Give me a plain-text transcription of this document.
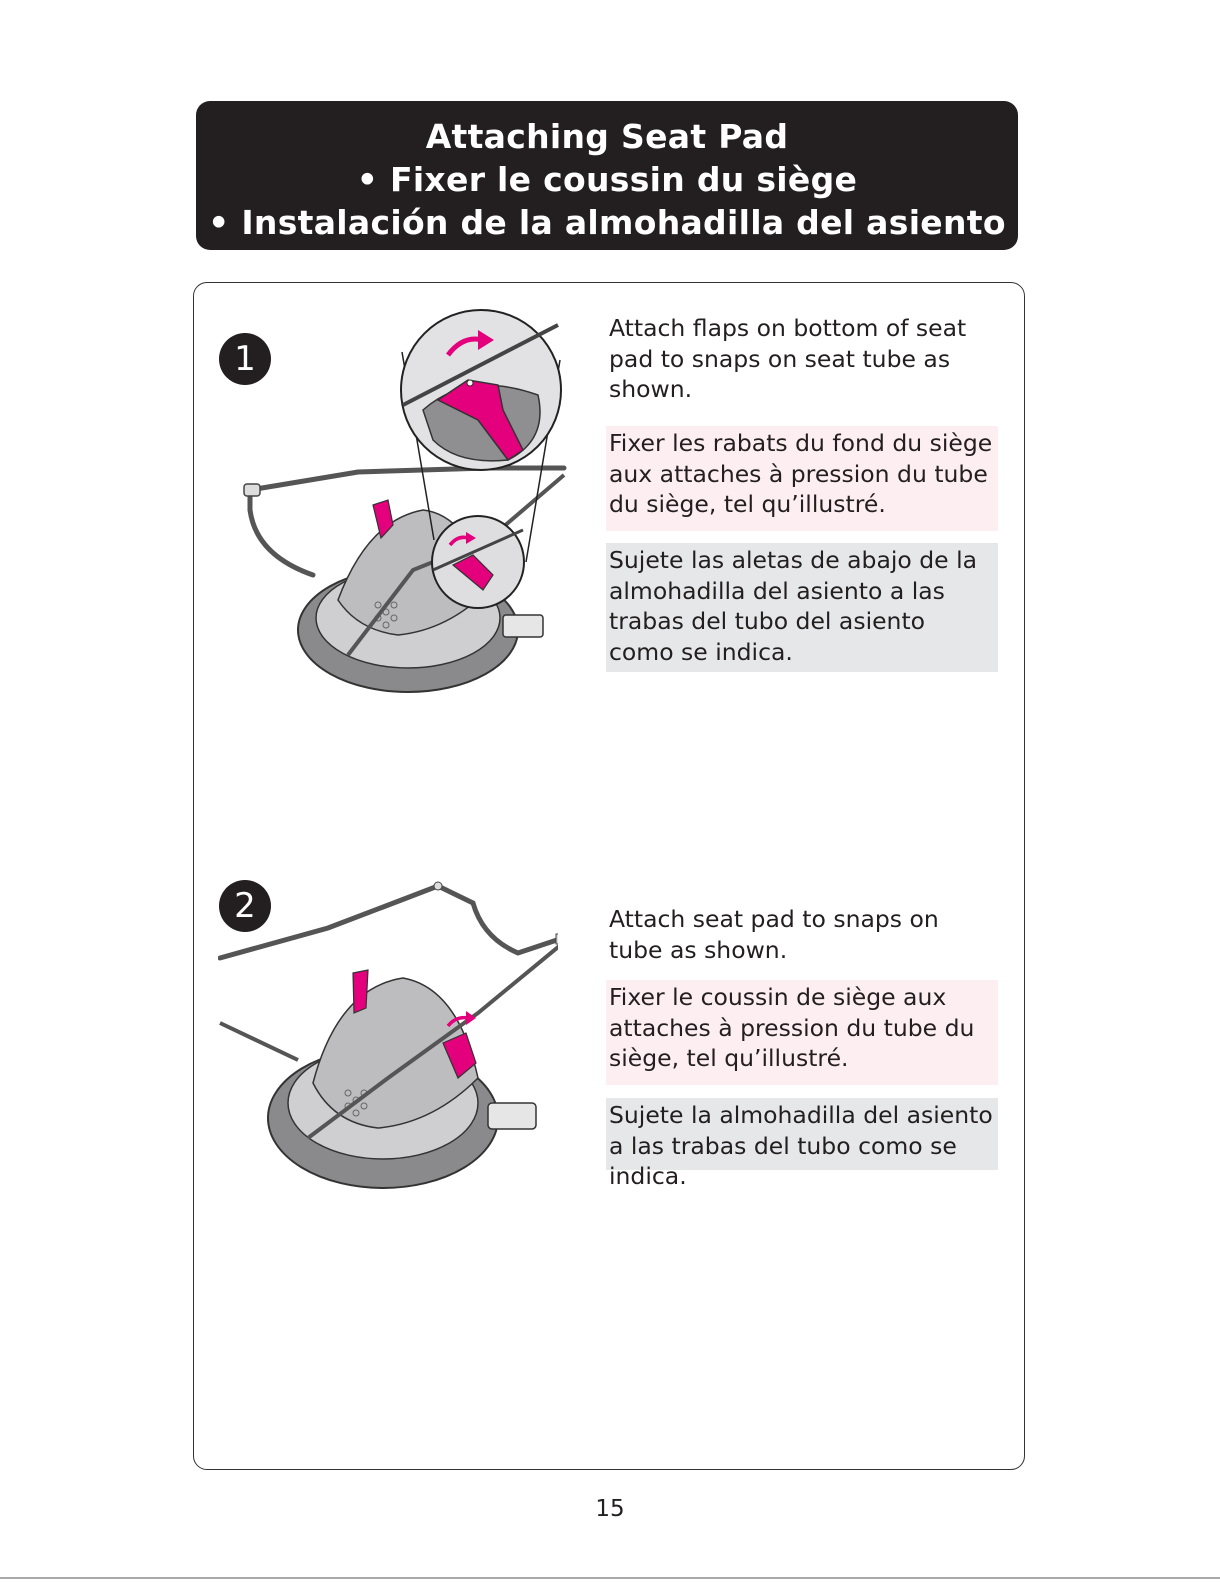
Attaching Seat Pad
• Fixer le coussin du siège
• Instalación de la almohadilla del asiento
1
Attach flaps on bottom of seat pad to snaps on seat tube as shown.
Fixer les rabats du fond du siège aux attaches à pression du tube du siège, tel qu’illustré.
Sujete las aletas de abajo de la almohadilla del asiento a las trabas del tubo del asiento como se indica.
2	Attach seat pad to snaps on tube as shown.
Fixer le coussin de siège aux attaches à pression du tube du siège, tel qu’illustré.
Sujete la almohadilla del asiento a las trabas del tubo como se indica.
15
